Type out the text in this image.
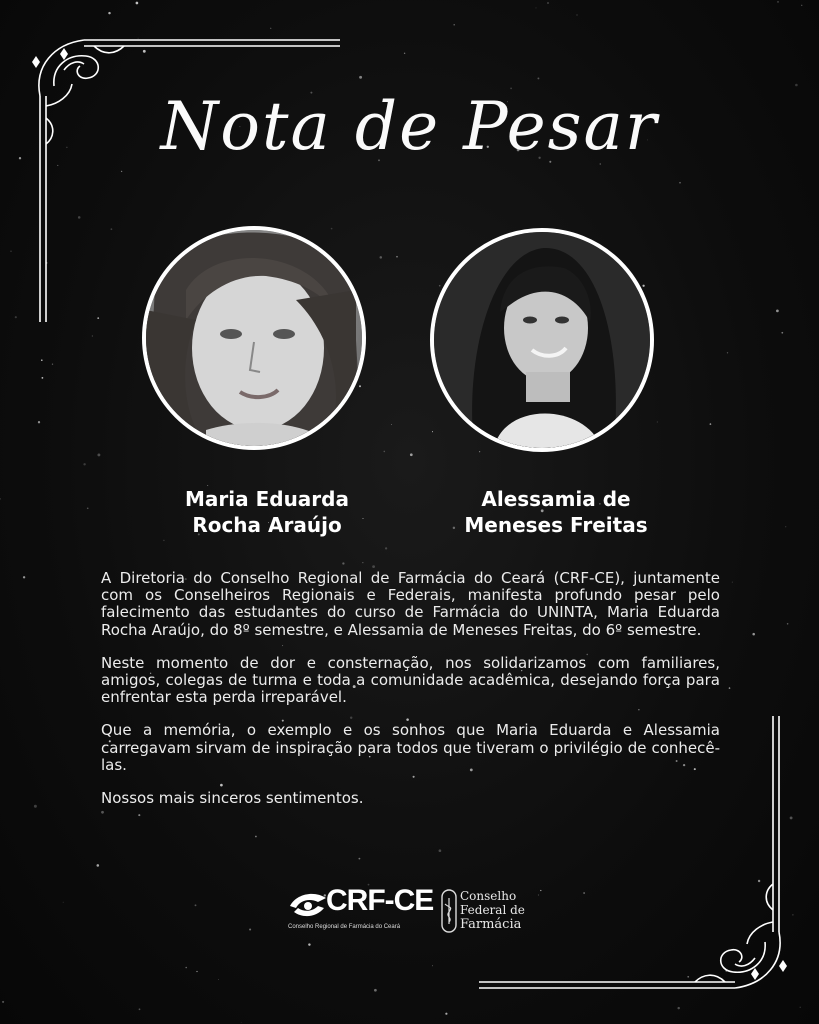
Nota de Pesar
Maria Eduarda
Rocha Araújo
Alessamia de
Meneses Freitas

A Diretoria do Conselho Regional de Farmácia do Ceará (CRF-CE), juntamente com os Conselheiros Regionais e Federais, manifesta profundo pesar pelo falecimento das estudantes do curso de Farmácia do UNINTA, Maria Eduarda Rocha Araújo, do 8º semestre, e Alessamia de Meneses Freitas, do 6º semestre.

Neste momento de dor e consternação, nos solidarizamos com familiares, amigos, colegas de turma e toda a comunidade acadêmica, desejando força para enfrentar esta perda irreparável.

Que a memória, o exemplo e os sonhos que Maria Eduarda e Alessamia carregavam sirvam de inspiração para todos que tiveram o privilégio de conhecê-las.

Nossos mais sinceros sentimentos.

CRF-CE
Conselho Regional de Farmácia do Ceará
Conselho
Federal de
Farmácia
